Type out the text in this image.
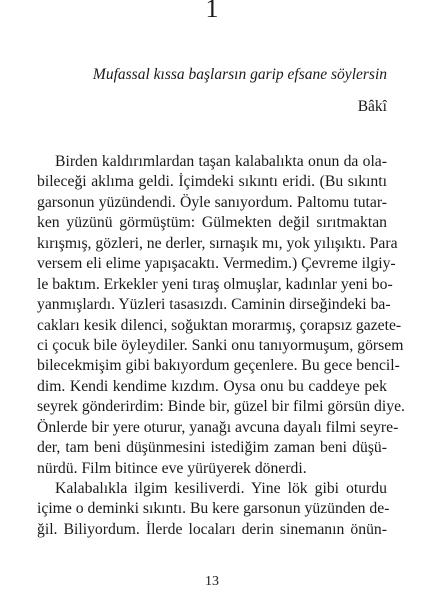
1
Mufassal kıssa başlarsın garip efsane söylersin
Bâkî
Birden kaldırımlardan taşan kalabalıkta onun da ola-
bileceği aklıma geldi. İçimdeki sıkıntı eridi. (Bu sıkıntı
garsonun yüzündendi. Öyle sanıyordum. Paltomu tutar-
ken yüzünü görmüştüm: Gülmekten değil sırıtmaktan
kırışmış, gözleri, ne derler, sırnaşık mı, yok yılışıktı. Para
versem eli elime yapışacaktı. Vermedim.) Çevreme ilgiy-
le baktım. Erkekler yeni tıraş olmuşlar, kadınlar yeni bo-
yanmışlardı. Yüzleri tasasızdı. Caminin dirseğindeki ba-
cakları kesik dilenci, soğuktan morarmış, çorapsız gazete-
ci çocuk bile öyleydiler. Sanki onu tanıyormuşum, görsem
bilecekmişim gibi bakıyordum geçenlere. Bu gece bencil-
dim. Kendi kendime kızdım. Oysa onu bu caddeye pek
seyrek gönderirdim: Binde bir, güzel bir filmi görsün diye.
Önlerde bir yere oturur, yanağı avcuna dayalı filmi seyre-
der, tam beni düşünmesini istediğim zaman beni düşü-
nürdü. Film bitince eve yürüyerek dönerdi.
Kalabalıkla ilgim kesiliverdi. Yine lök gibi oturdu
içime o deminki sıkıntı. Bu kere garsonun yüzünden de-
ğil. Biliyordum. İlerde locaları derin sinemanın önün-
13
